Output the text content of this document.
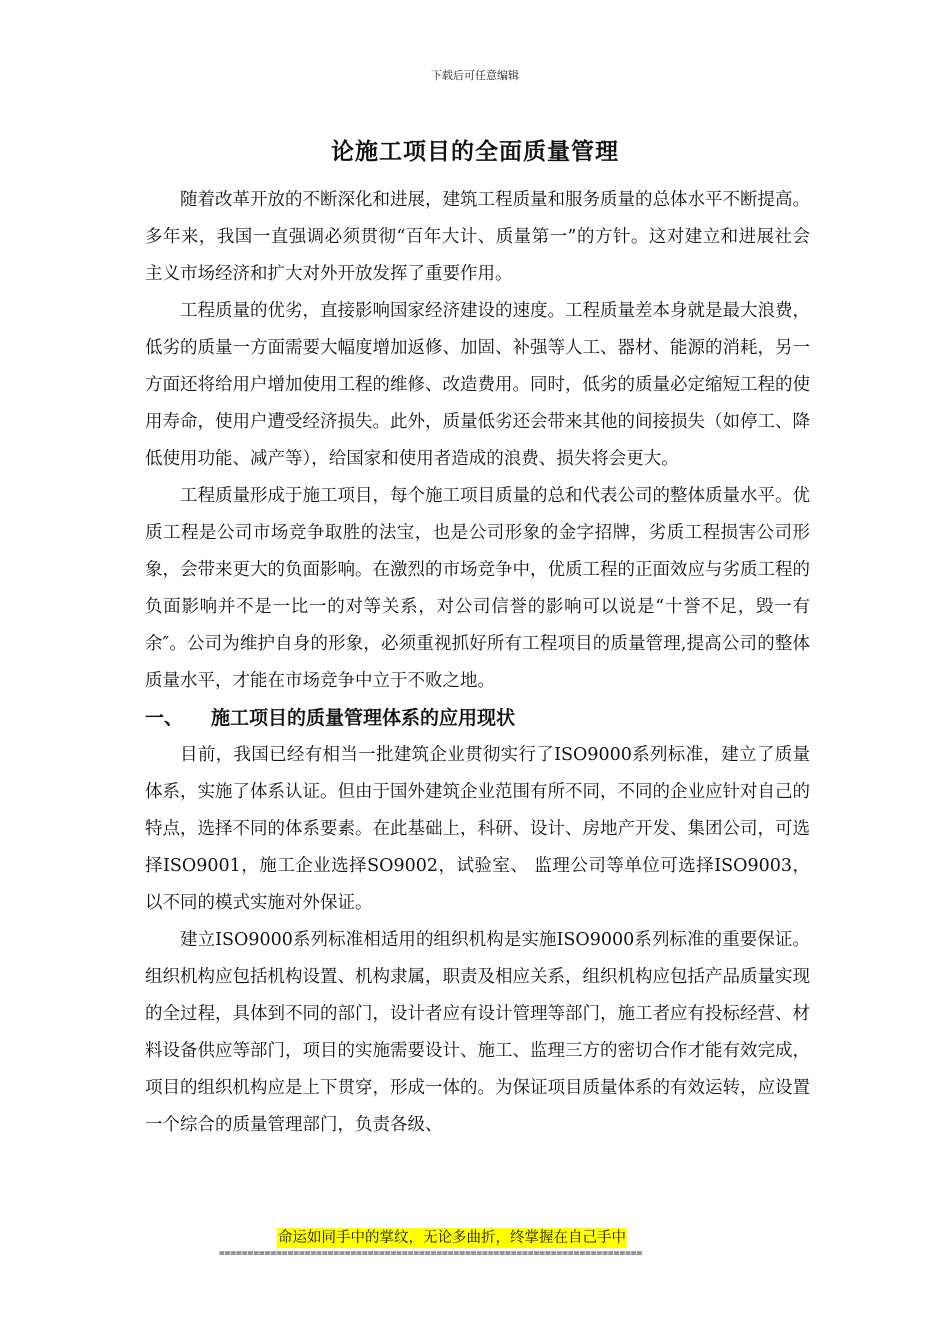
下载后可任意编辑
论施工项目的全面质量管理

随着改革开放的不断深化和进展，建筑工程质量和服务质量的总体水平不断提高。多年来，我国一直强调必须贯彻“百年大计、质量第一”的方针。这对建立和进展社会主义市场经济和扩大对外开放发挥了重要作用。

工程质量的优劣，直接影响国家经济建设的速度。工程质量差本身就是最大浪费，低劣的质量一方面需要大幅度增加返修、加固、补强等人工、器材、能源的消耗，另一方面还将给用户增加使用工程的维修、改造费用。同时，低劣的质量必定缩短工程的使用寿命，使用户遭受经济损失。此外，质量低劣还会带来其他的间接损失（如停工、降低使用功能、减产等），给国家和使用者造成的浪费、损失将会更大。

工程质量形成于施工项目，每个施工项目质量的总和代表公司的整体质量水平。优质工程是公司市场竞争取胜的法宝，也是公司形象的金字招牌，劣质工程损害公司形象，会带来更大的负面影响。在激烈的市场竞争中，优质工程的正面效应与劣质工程的负面影响并不是一比一的对等关系，对公司信誉的影响可以说是“十誉不足，毁一有余″。公司为维护自身的形象，必须重视抓好所有工程项目的质量管理,提高公司的整体质量水平，才能在市场竞争中立于不败之地。

一、 施工项目的质量管理体系的应用现状

目前，我国已经有相当一批建筑企业贯彻实行了ISO9000系列标准，建立了质量体系，实施了体系认证。但由于国外建筑企业范围有所不同，不同的企业应针对自己的特点，选择不同的体系要素。在此基础上，科研、设计、房地产开发、集团公司，可选择ISO9001，施工企业选择SO9002，试验室、 监理公司等单位可选择ISO9003，以不同的模式实施对外保证。

建立ISO9000系列标准相适用的组织机构是实施ISO9000系列标准的重要保证。组织机构应包括机构设置、机构隶属，职责及相应关系，组织机构应包括产品质量实现的全过程，具体到不同的部门，设计者应有设计管理等部门，施工者应有投标经营、材料设备供应等部门，项目的实施需要设计、施工、监理三方的密切合作才能有效完成，项目的组织机构应是上下贯穿，形成一体的。为保证项目质量体系的有效运转，应设置一个综合的质量管理部门，负责各级、

命运如同手中的掌纹，无论多曲折，终掌握在自己手中
==========================================================================
